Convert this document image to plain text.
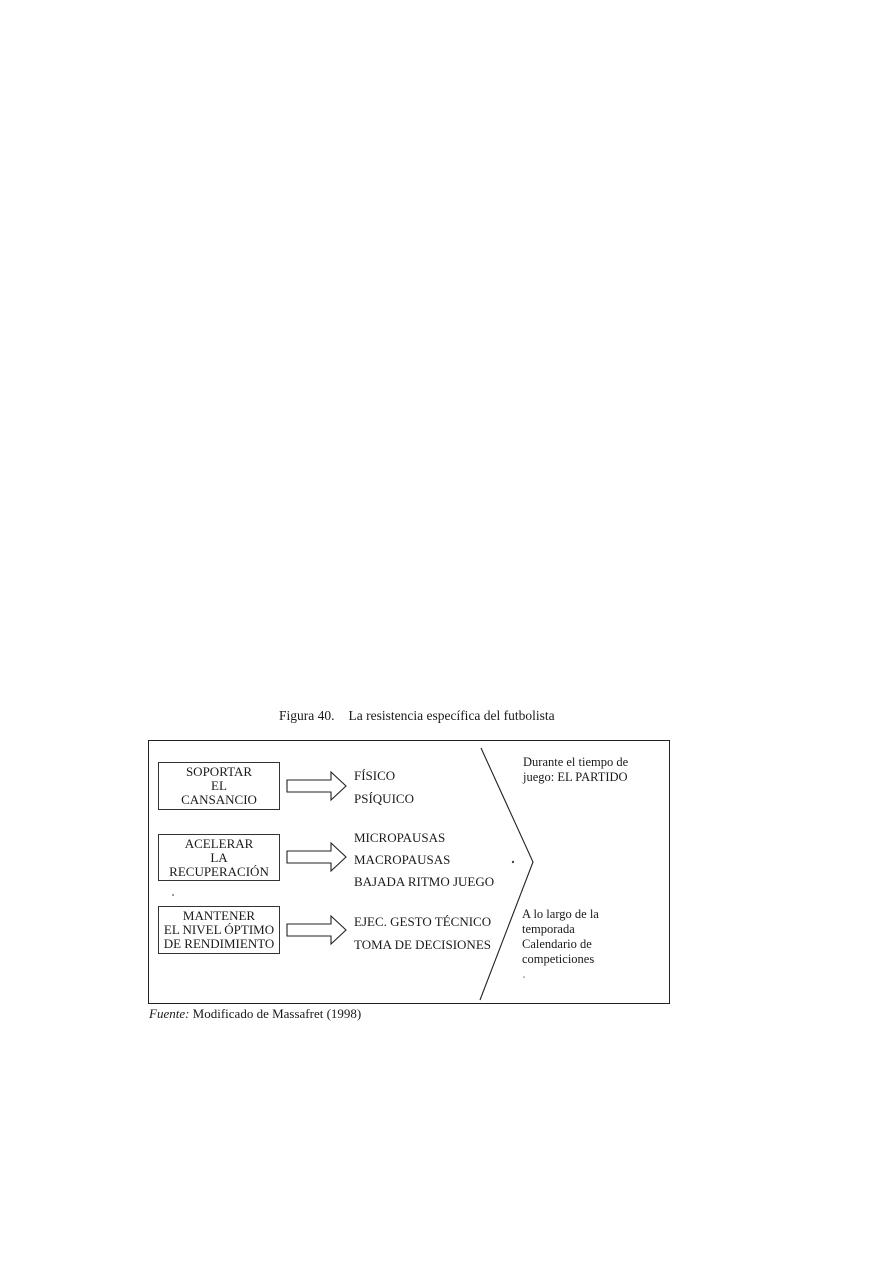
Figura 40. La resistencia específica del futbolista
SOPORTAR
EL
CANSANCIO
FÍSICO
PSÍQUICO
ACELERAR
LA
RECUPERACIÓN
MICROPAUSAS
MACROPAUSAS
BAJADA RITMO JUEGO
MANTENER
EL NIVEL ÓPTIMO
DE RENDIMIENTO
EJEC. GESTO TÉCNICO
TOMA DE DECISIONES
Durante el tiempo de
juego: EL PARTIDO
A lo largo de la
temporada
Calendario de
competiciones
Fuente: Modificado de Massafret (1998)
